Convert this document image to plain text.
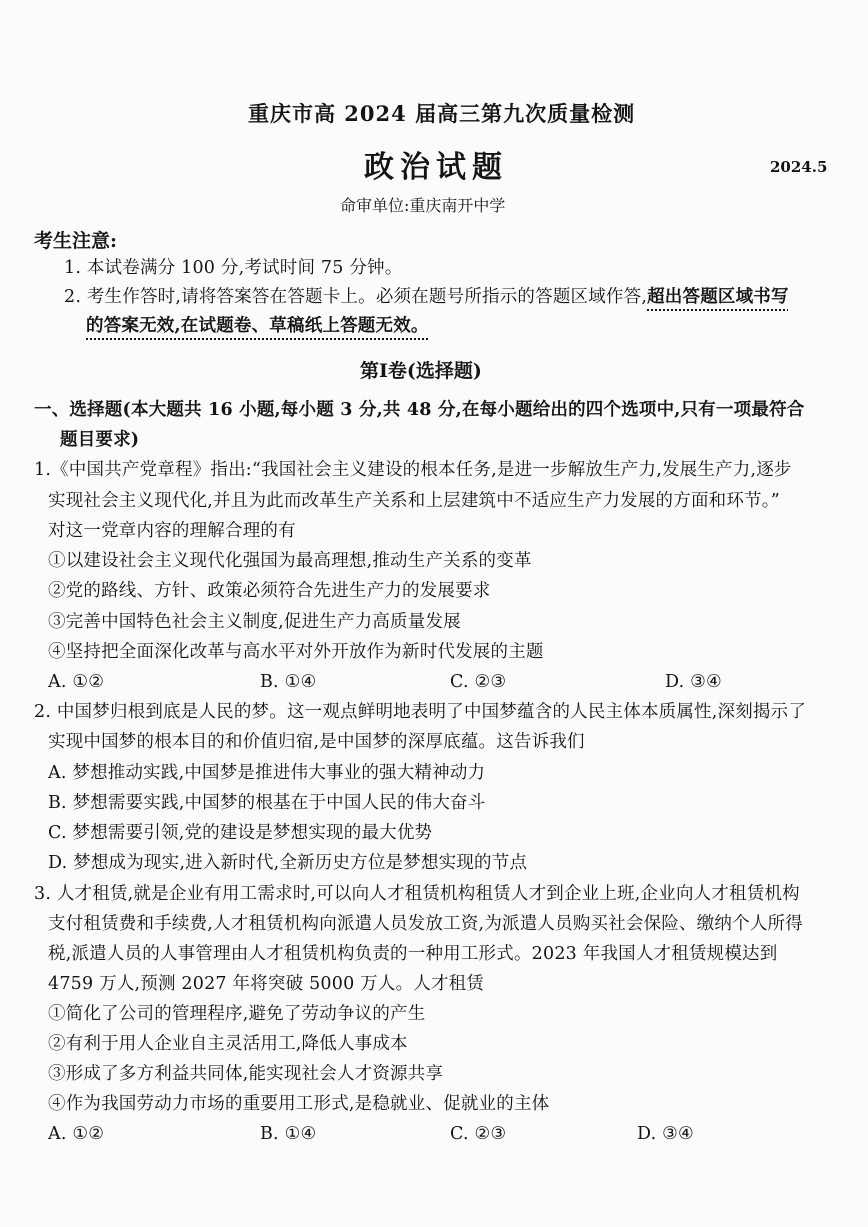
重庆市高 2024 届高三第九次质量检测
政治试题	2024.5
命审单位:重庆南开中学
考生注意:
1. 本试卷满分 100 分,考试时间 75 分钟。
2. 考生作答时,请将答案答在答题卡上。必须在题号所指示的答题区域作答,超出答题区域书写
的答案无效,在试题卷、草稿纸上答题无效。
第Ⅰ卷(选择题)
一、选择题(本大题共 16 小题,每小题 3 分,共 48 分,在每小题给出的四个选项中,只有一项最符合
题目要求)
1.《中国共产党章程》指出:“我国社会主义建设的根本任务,是进一步解放生产力,发展生产力,逐步
实现社会主义现代化,并且为此而改革生产关系和上层建筑中不适应生产力发展的方面和环节。”
对这一党章内容的理解合理的有
①以建设社会主义现代化强国为最高理想,推动生产关系的变革
②党的路线、方针、政策必须符合先进生产力的发展要求
③完善中国特色社会主义制度,促进生产力高质量发展
④坚持把全面深化改革与高水平对外开放作为新时代发展的主题
A. ①②	B. ①④	C. ②③	D. ③④
2. 中国梦归根到底是人民的梦。这一观点鲜明地表明了中国梦蕴含的人民主体本质属性,深刻揭示了
实现中国梦的根本目的和价值归宿,是中国梦的深厚底蕴。这告诉我们
A. 梦想推动实践,中国梦是推进伟大事业的强大精神动力
B. 梦想需要实践,中国梦的根基在于中国人民的伟大奋斗
C. 梦想需要引领,党的建设是梦想实现的最大优势
D. 梦想成为现实,进入新时代,全新历史方位是梦想实现的节点
3. 人才租赁,就是企业有用工需求时,可以向人才租赁机构租赁人才到企业上班,企业向人才租赁机构
支付租赁费和手续费,人才租赁机构向派遣人员发放工资,为派遣人员购买社会保险、缴纳个人所得
税,派遣人员的人事管理由人才租赁机构负责的一种用工形式。2023 年我国人才租赁规模达到
4759 万人,预测 2027 年将突破 5000 万人。人才租赁
①简化了公司的管理程序,避免了劳动争议的产生
②有利于用人企业自主灵活用工,降低人事成本
③形成了多方利益共同体,能实现社会人才资源共享
④作为我国劳动力市场的重要用工形式,是稳就业、促就业的主体
A. ①②	B. ①④	C. ②③	D. ③④
